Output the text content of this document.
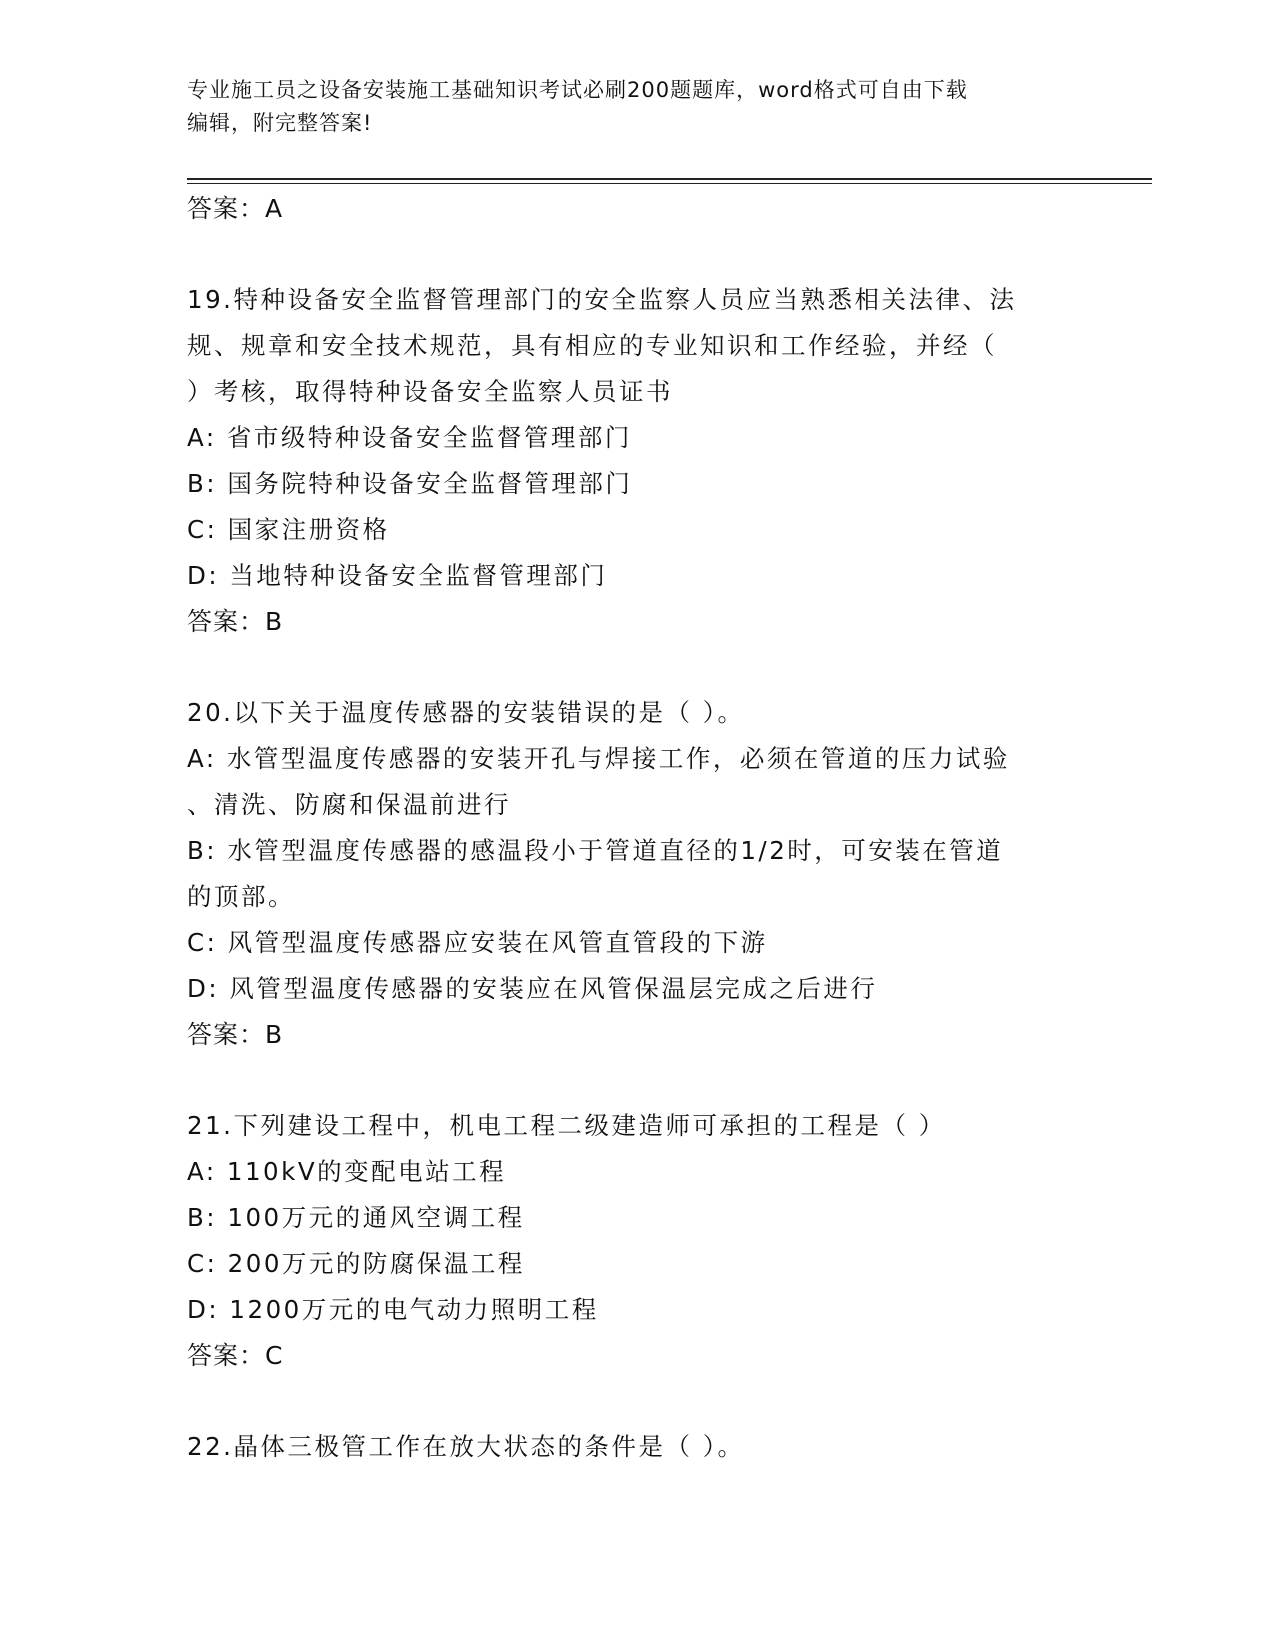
专业施工员之设备安装施工基础知识考试必刷200题题库，word格式可自由下载
编辑，附完整答案!

答案：A

19.特种设备安全监督管理部门的安全监察人员应当熟悉相关法律、法

规、规章和安全技术规范，具有相应的专业知识和工作经验，并经（

）考核，取得特种设备安全监察人员证书

A: 省市级特种设备安全监督管理部门

B: 国务院特种设备安全监督管理部门

C: 国家注册资格

D: 当地特种设备安全监督管理部门

答案：B

20.以下关于温度传感器的安装错误的是（ ）。

A: 水管型温度传感器的安装开孔与焊接工作，必须在管道的压力试验

、清洗、防腐和保温前进行

B: 水管型温度传感器的感温段小于管道直径的1/2时，可安装在管道

的顶部。

C: 风管型温度传感器应安装在风管直管段的下游

D: 风管型温度传感器的安装应在风管保温层完成之后进行

答案：B

21.下列建设工程中，机电工程二级建造师可承担的工程是（ ）

A: 110kV的变配电站工程

B: 100万元的通风空调工程

C: 200万元的防腐保温工程

D: 1200万元的电气动力照明工程

答案：C

22.晶体三极管工作在放大状态的条件是（ ）。
